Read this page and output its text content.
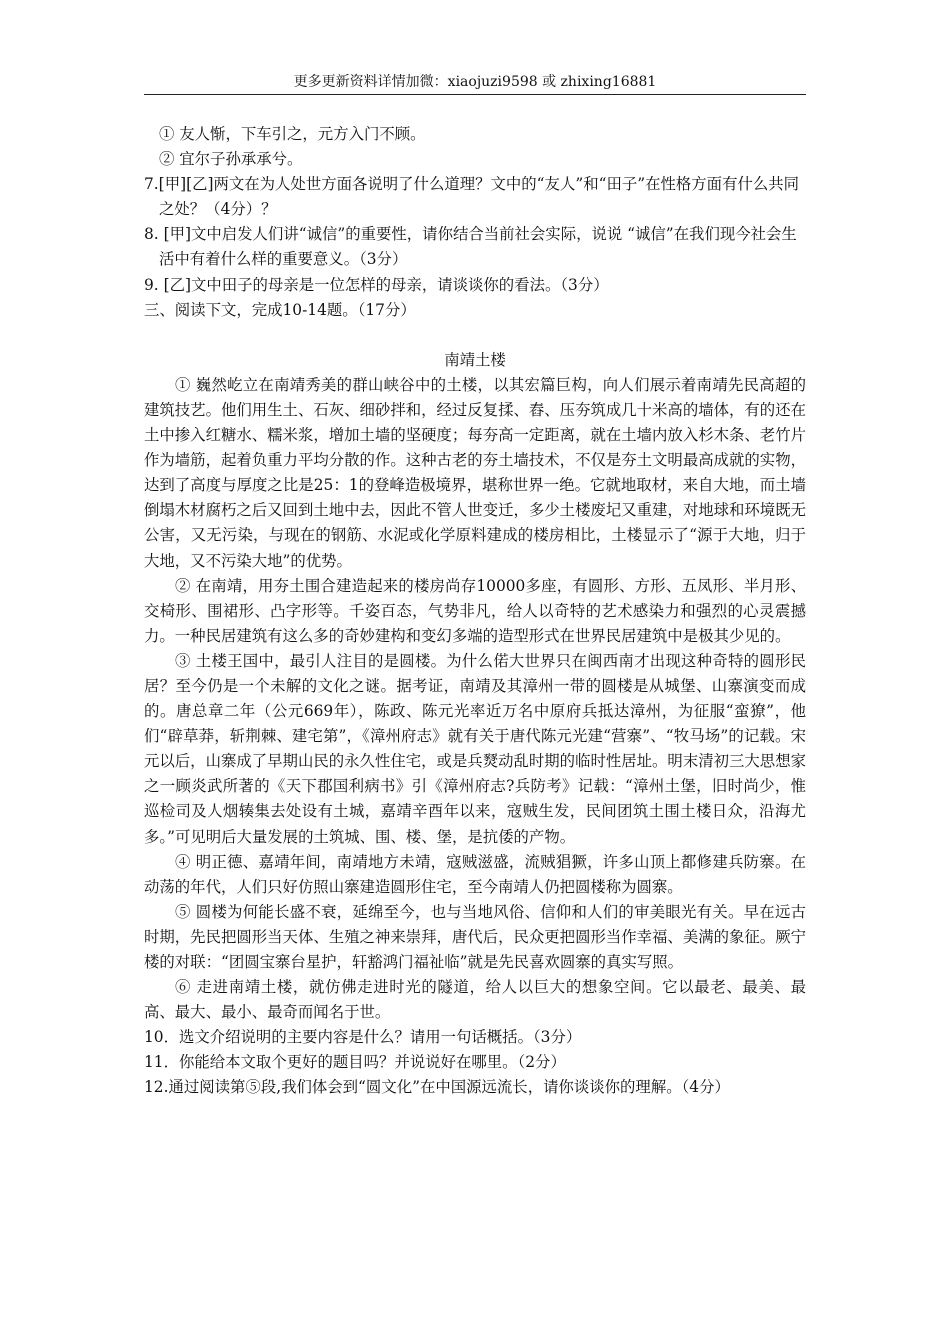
更多更新资料详情加微：xiaojuzi9598 或 zhixing16881

① 友人惭，下车引之，元方入门不顾。

② 宜尔子孙承承兮。

7.[甲][乙]两文在为人处世方面各说明了什么道理？文中的“友人”和“田子”在性格方面有什么共同之处？（4分）？

8. [甲]文中启发人们讲“诚信”的重要性，请你结合当前社会实际，说说 “诚信”在我们现今社会生活中有着什么样的重要意义。（3分）

9. [乙]文中田子的母亲是一位怎样的母亲，请谈谈你的看法。（3分）

三、阅读下文，完成10-14题。（17分）

南靖土楼

① 巍然屹立在南靖秀美的群山峡谷中的土楼，以其宏篇巨构，向人们展示着南靖先民高超的建筑技艺。他们用生土、石灰、细砂拌和，经过反复揉、舂、压夯筑成几十米高的墙体，有的还在土中掺入红糖水、糯米浆，增加土墙的坚硬度；每夯高一定距离，就在土墙内放入杉木条、老竹片作为墙筋，起着负重力平均分散的作。这种古老的夯土墙技术，不仅是夯土文明最高成就的实物，达到了高度与厚度之比是25：1的登峰造极境界，堪称世界一绝。它就地取材，来自大地，而土墙倒塌木材腐朽之后又回到土地中去，因此不管人世变迁，多少土楼废圮又重建，对地球和环境既无公害，又无污染，与现在的钢筋、水泥或化学原料建成的楼房相比，土楼显示了“源于大地，归于大地，又不污染大地”的优势。

② 在南靖，用夯土围合建造起来的楼房尚存10000多座，有圆形、方形、五凤形、半月形、交椅形、围裙形、凸字形等。千姿百态，气势非凡，给人以奇特的艺术感染力和强烈的心灵震撼力。一种民居建筑有这么多的奇妙建构和变幻多端的造型形式在世界民居建筑中是极其少见的。

③ 土楼王国中，最引人注目的是圆楼。为什么偌大世界只在闽西南才出现这种奇特的圆形民居？至今仍是一个未解的文化之谜。据考证，南靖及其漳州一带的圆楼是从城堡、山寨演变而成的。唐总章二年（公元669年），陈政、陈元光率近万名中原府兵抵达漳州，为征服“蛮獠”，他们“辟草莽，斩荆棘、建宅第”，《漳州府志》就有关于唐代陈元光建“营寨”、“牧马场”的记载。宋元以后，山寨成了早期山民的永久性住宅，或是兵燹动乱时期的临时性居址。明末清初三大思想家之一顾炎武所著的《天下郡国利病书》引《漳州府志?兵防考》记载：“漳州土堡，旧时尚少，惟巡检司及人烟辏集去处设有土城，嘉靖辛酉年以来，寇贼生发，民间团筑土围土楼日众，沿海尤多。”可见明后大量发展的土筑城、围、楼、堡，是抗倭的产物。

④ 明正德、嘉靖年间，南靖地方未靖，寇贼滋盛，流贼猖獗，许多山顶上都修建兵防寨。在动荡的年代，人们只好仿照山寨建造圆形住宅，至今南靖人仍把圆楼称为圆寨。

⑤ 圆楼为何能长盛不衰，延绵至今，也与当地风俗、信仰和人们的审美眼光有关。早在远古时期，先民把圆形当天体、生殖之神来崇拜，唐代后，民众更把圆形当作幸福、美满的象征。厥宁楼的对联：“团圆宝寨台星护，轩豁鸿门福祉临”就是先民喜欢圆寨的真实写照。

⑥ 走进南靖土楼，就仿佛走进时光的隧道，给人以巨大的想象空间。它以最老、最美、最高、最大、最小、最奇而闻名于世。

10．选文介绍说明的主要内容是什么？请用一句话概括。（3分）

11．你能给本文取个更好的题目吗？并说说好在哪里。（2分）

12.通过阅读第⑤段,我们体会到“圆文化”在中国源远流长，请你谈谈你的理解。（4分）
